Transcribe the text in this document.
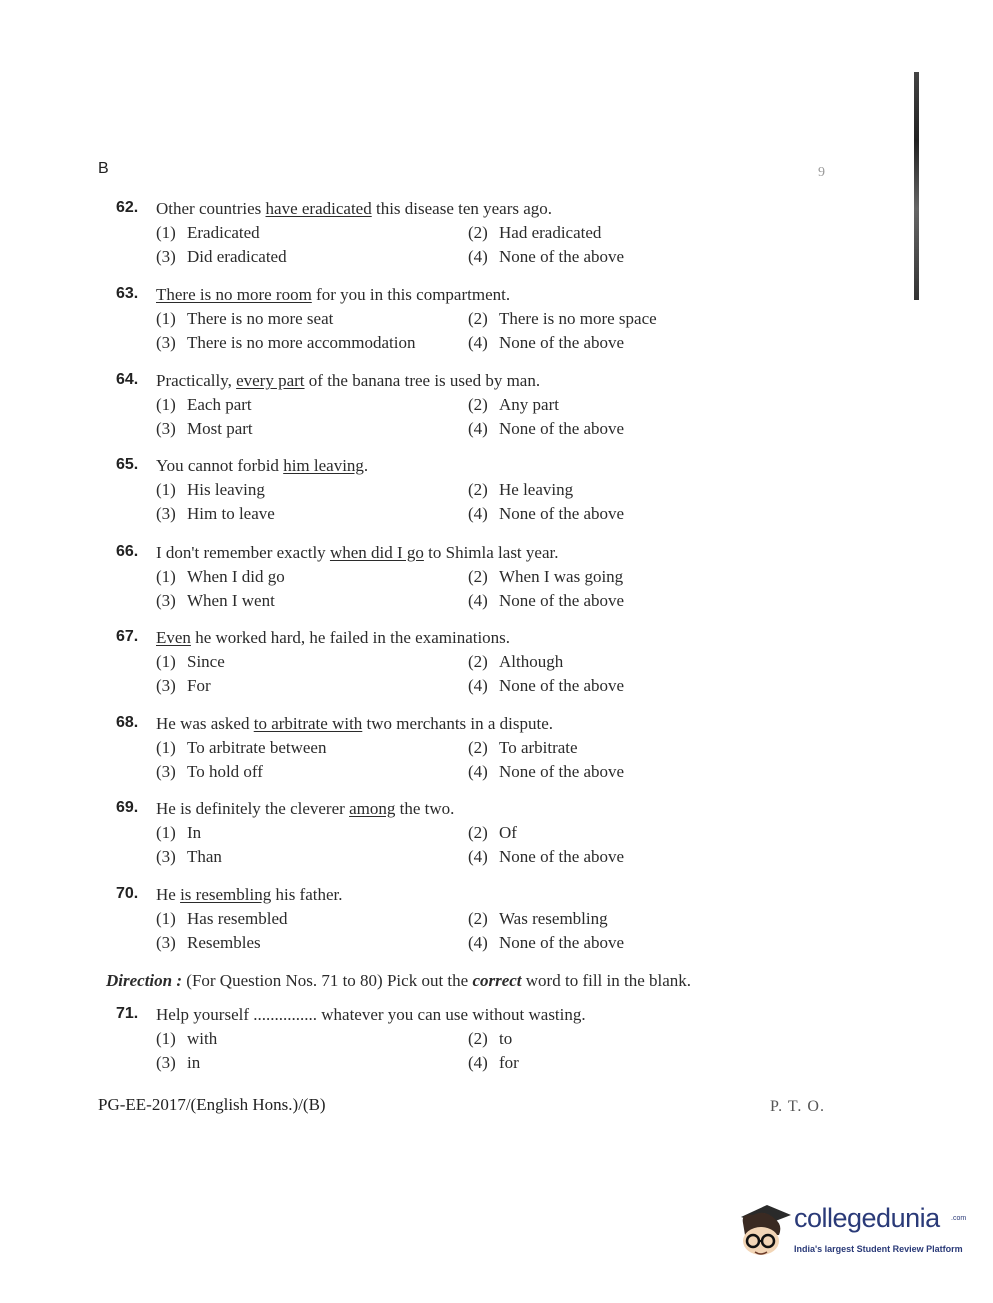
B	9
62. Other countries have eradicated this disease ten years ago.
(1) Eradicated	(2) Had eradicated
(3) Did eradicated	(4) None of the above
63. There is no more room for you in this compartment.
(1) There is no more seat	(2) There is no more space
(3) There is no more accommodation	(4) None of the above
64. Practically, every part of the banana tree is used by man.
(1) Each part	(2) Any part
(3) Most part	(4) None of the above
65. You cannot forbid him leaving.
(1) His leaving	(2) He leaving
(3) Him to leave	(4) None of the above
66. I don't remember exactly when did I go to Shimla last year.
(1) When I did go	(2) When I was going
(3) When I went	(4) None of the above
67. Even he worked hard, he failed in the examinations.
(1) Since	(2) Although
(3) For	(4) None of the above
68. He was asked to arbitrate with two merchants in a dispute.
(1) To arbitrate between	(2) To arbitrate
(3) To hold off	(4) None of the above
69. He is definitely the cleverer among the two.
(1) In	(2) Of
(3) Than	(4) None of the above
70. He is resembling his father.
(1) Has resembled	(2) Was resembling
(3) Resembles	(4) None of the above
Direction : (For Question Nos. 71 to 80) Pick out the correct word to fill in the blank.
71. Help yourself ............... whatever you can use without wasting.
(1) with	(2) to
(3) in	(4) for
PG-EE-2017/(English Hons.)/(B)	P. T. O.
collegedunia .com
India's largest Student Review Platform
